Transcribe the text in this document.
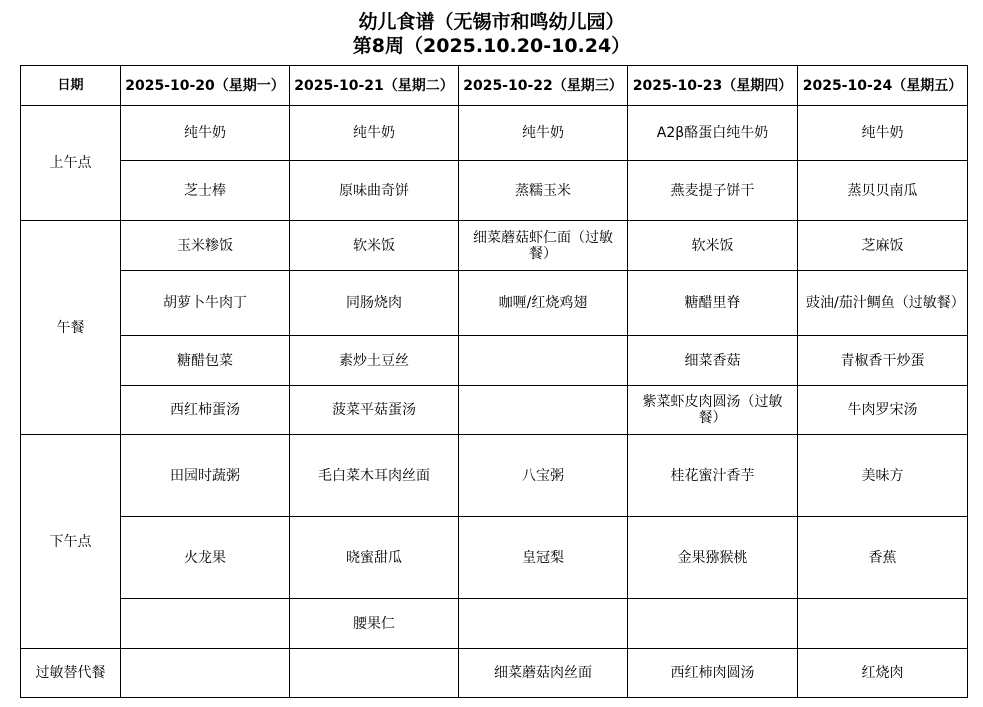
幼儿食谱（无锡市和鸣幼儿园）
第8周（2025.10.20-10.24）
日期	2025-10-20（星期一）	2025-10-21（星期二）	2025-10-22（星期三）	2025-10-23（星期四）	2025-10-24（星期五）
上午点	纯牛奶	纯牛奶	纯牛奶	A2β酪蛋白纯牛奶	纯牛奶
	芝士棒	原味曲奇饼	蒸糯玉米	燕麦提子饼干	蒸贝贝南瓜
午餐	玉米糁饭	软米饭	细菜蘑菇虾仁面（过敏餐）	软米饭	芝麻饭
	胡萝卜牛肉丁	同肠烧肉	咖喱/红烧鸡翅	糖醋里脊	豉油/茄汁鲷鱼（过敏餐）
	糖醋包菜	素炒土豆丝		细菜香菇	青椒香干炒蛋
	西红柿蛋汤	菠菜平菇蛋汤		紫菜虾皮肉圆汤（过敏餐）	牛肉罗宋汤
下午点	田园时蔬粥	毛白菜木耳肉丝面	八宝粥	桂花蜜汁香芋	美味方
	火龙果	晓蜜甜瓜	皇冠梨	金果猕猴桃	香蕉
		腰果仁			
过敏替代餐			细菜蘑菇肉丝面	西红柿肉圆汤	红烧肉
